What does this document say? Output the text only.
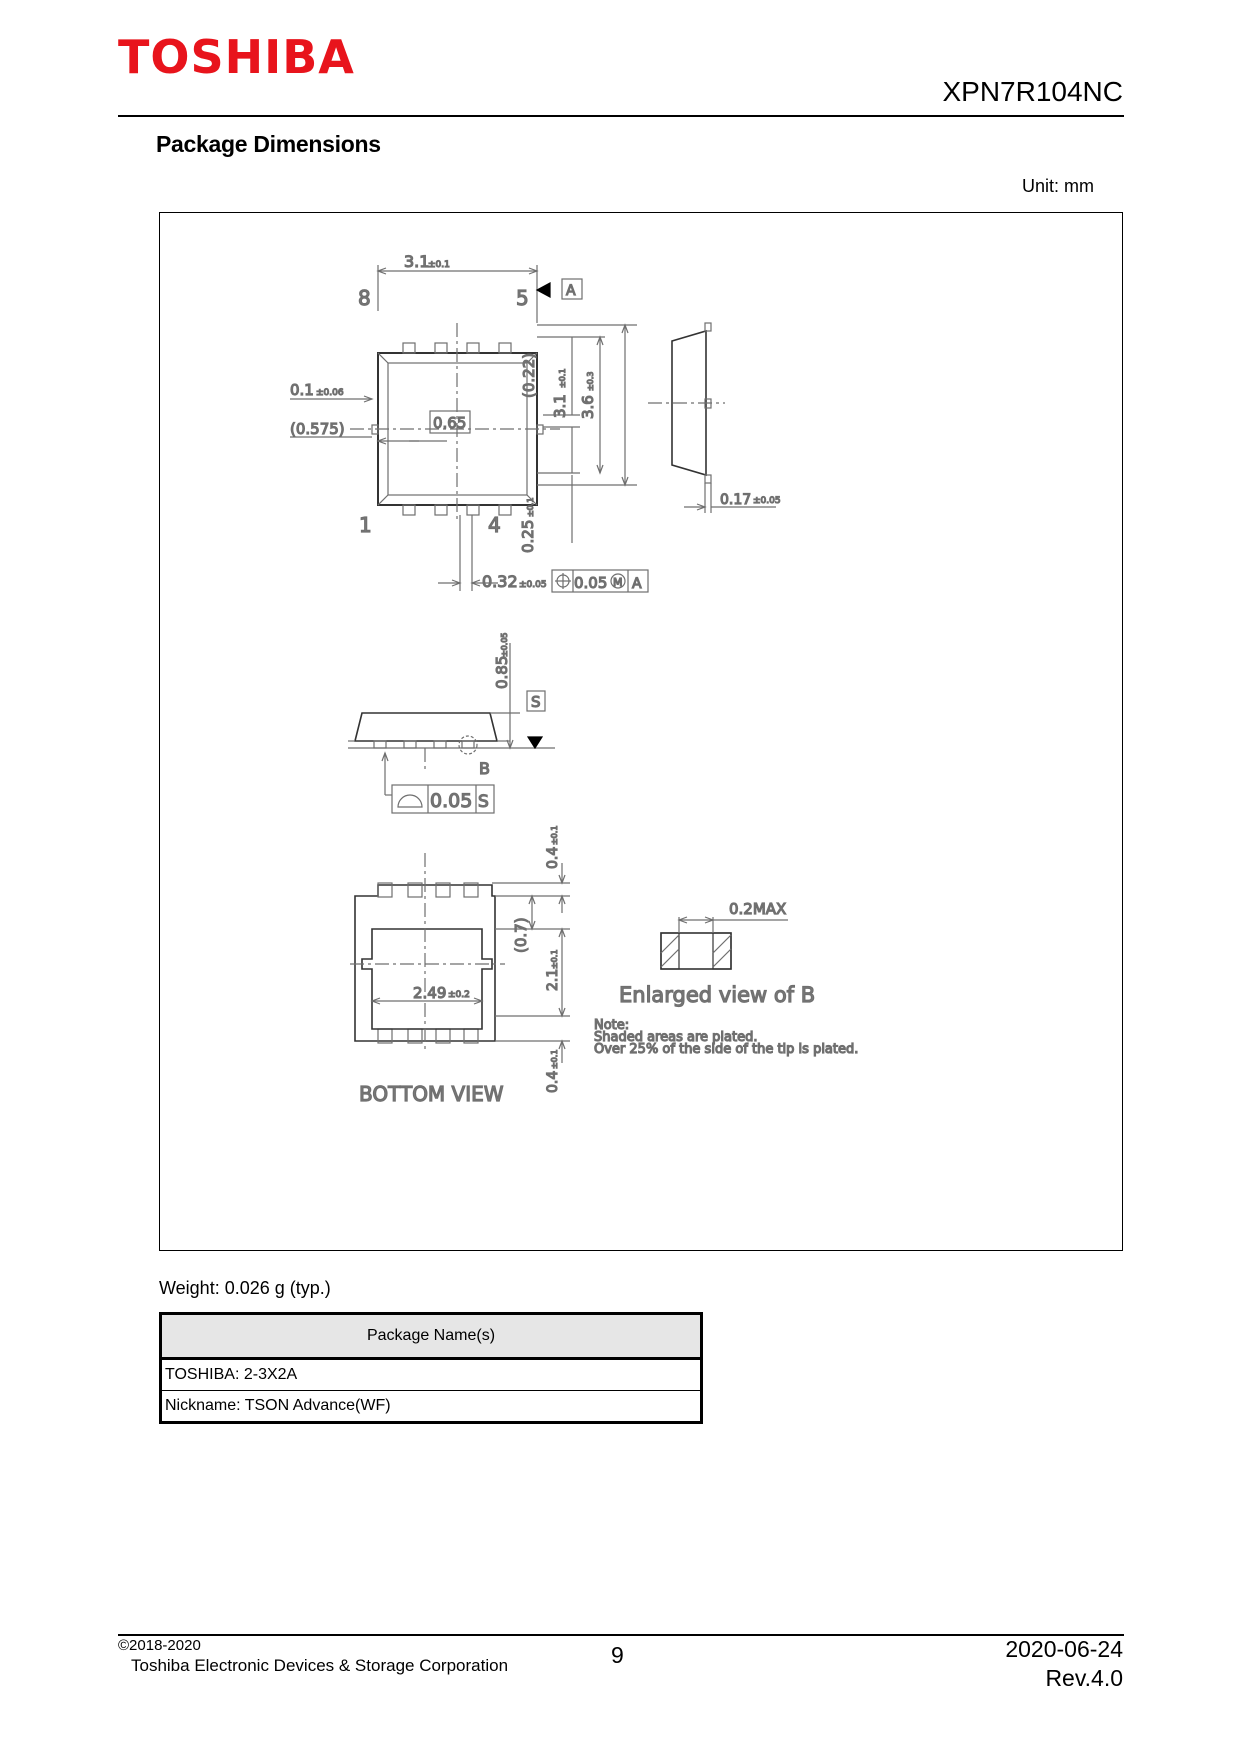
TOSHIBA
XPN7R104NC
Package Dimensions
Unit: mm
3.1
±0.1
8	5	A
0.1 ±0.06
(0.575)	0.65
1	4
0.32 ±0.05 0.05 M A
0.17 ±0.05
(0.22)
3.1
±0.1
3.6
±0.3
0.25
±0.1
0.85
±0.05
S
B
0.05 S
0.4
±0.1
(0.7)
2.1
±0.1
0.4
±0.1
2.49 ±0.2
BOTTOM VIEW
0.2MAX
Enlarged view of B
Note:
Shaded areas are plated.
Over 25% of the side of the tip is plated.
Weight: 0.026 g (typ.)
Package Name(s)
TOSHIBA: 2-3X2A
Nickname: TSON Advance(WF)
©2018-2020
Toshiba Electronic Devices & Storage Corporation	9	2020-06-24
Rev.4.0
